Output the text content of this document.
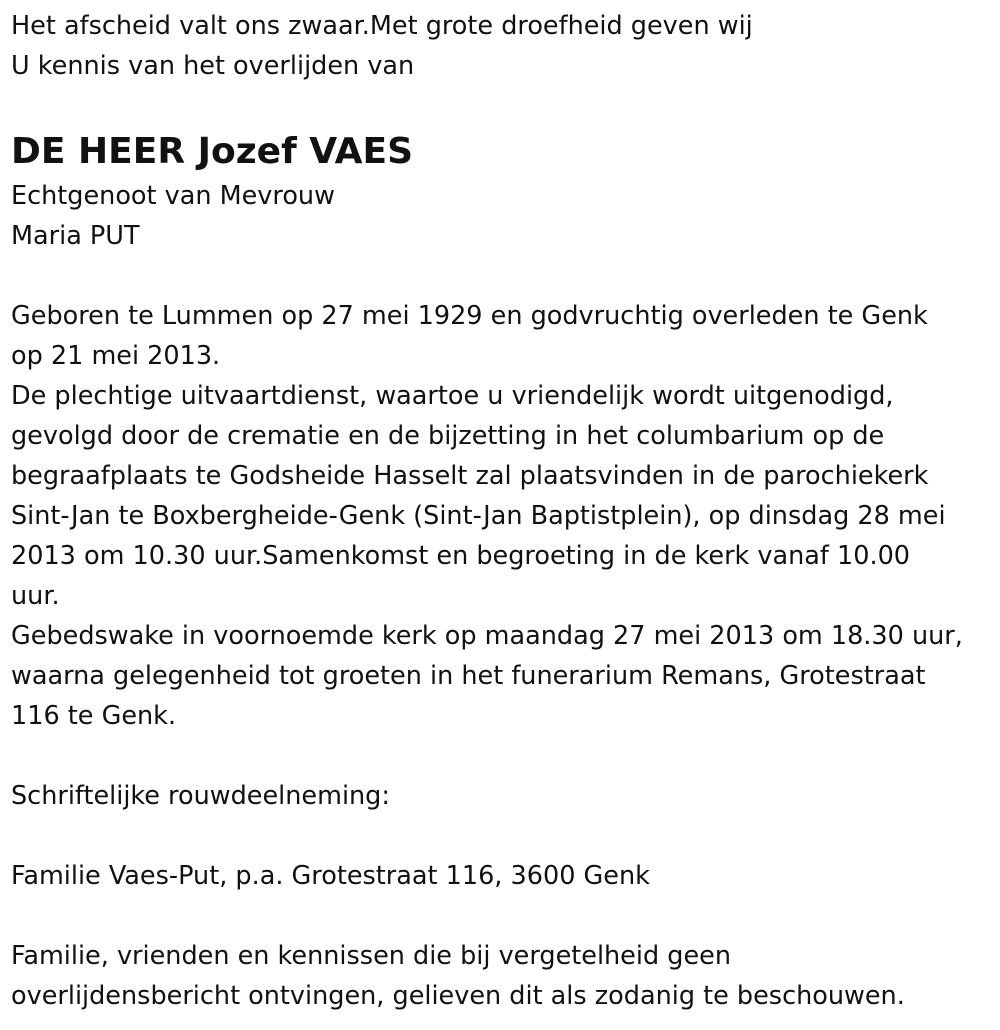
Het afscheid valt ons zwaar.Met grote droefheid geven wij

U kennis van het overlijden van

DE HEER Jozef VAES

Echtgenoot van Mevrouw

Maria PUT

Geboren te Lummen op 27 mei 1929 en godvruchtig overleden te Genk

op 21 mei 2013.

De plechtige uitvaartdienst, waartoe u vriendelijk wordt uitgenodigd,

gevolgd door de crematie en de bijzetting in het columbarium op de

begraafplaats te Godsheide Hasselt zal plaatsvinden in de parochiekerk

Sint-Jan te Boxbergheide-Genk (Sint-Jan Baptistplein), op dinsdag 28 mei

2013 om 10.30 uur.Samenkomst en begroeting in de kerk vanaf 10.00

uur.

Gebedswake in voornoemde kerk op maandag 27 mei 2013 om 18.30 uur,

waarna gelegenheid tot groeten in het funerarium Remans, Grotestraat

116 te Genk.

Schriftelijke rouwdeelneming:

Familie Vaes-Put, p.a. Grotestraat 116, 3600 Genk

Familie, vrienden en kennissen die bij vergetelheid geen

overlijdensbericht ontvingen, gelieven dit als zodanig te beschouwen.
